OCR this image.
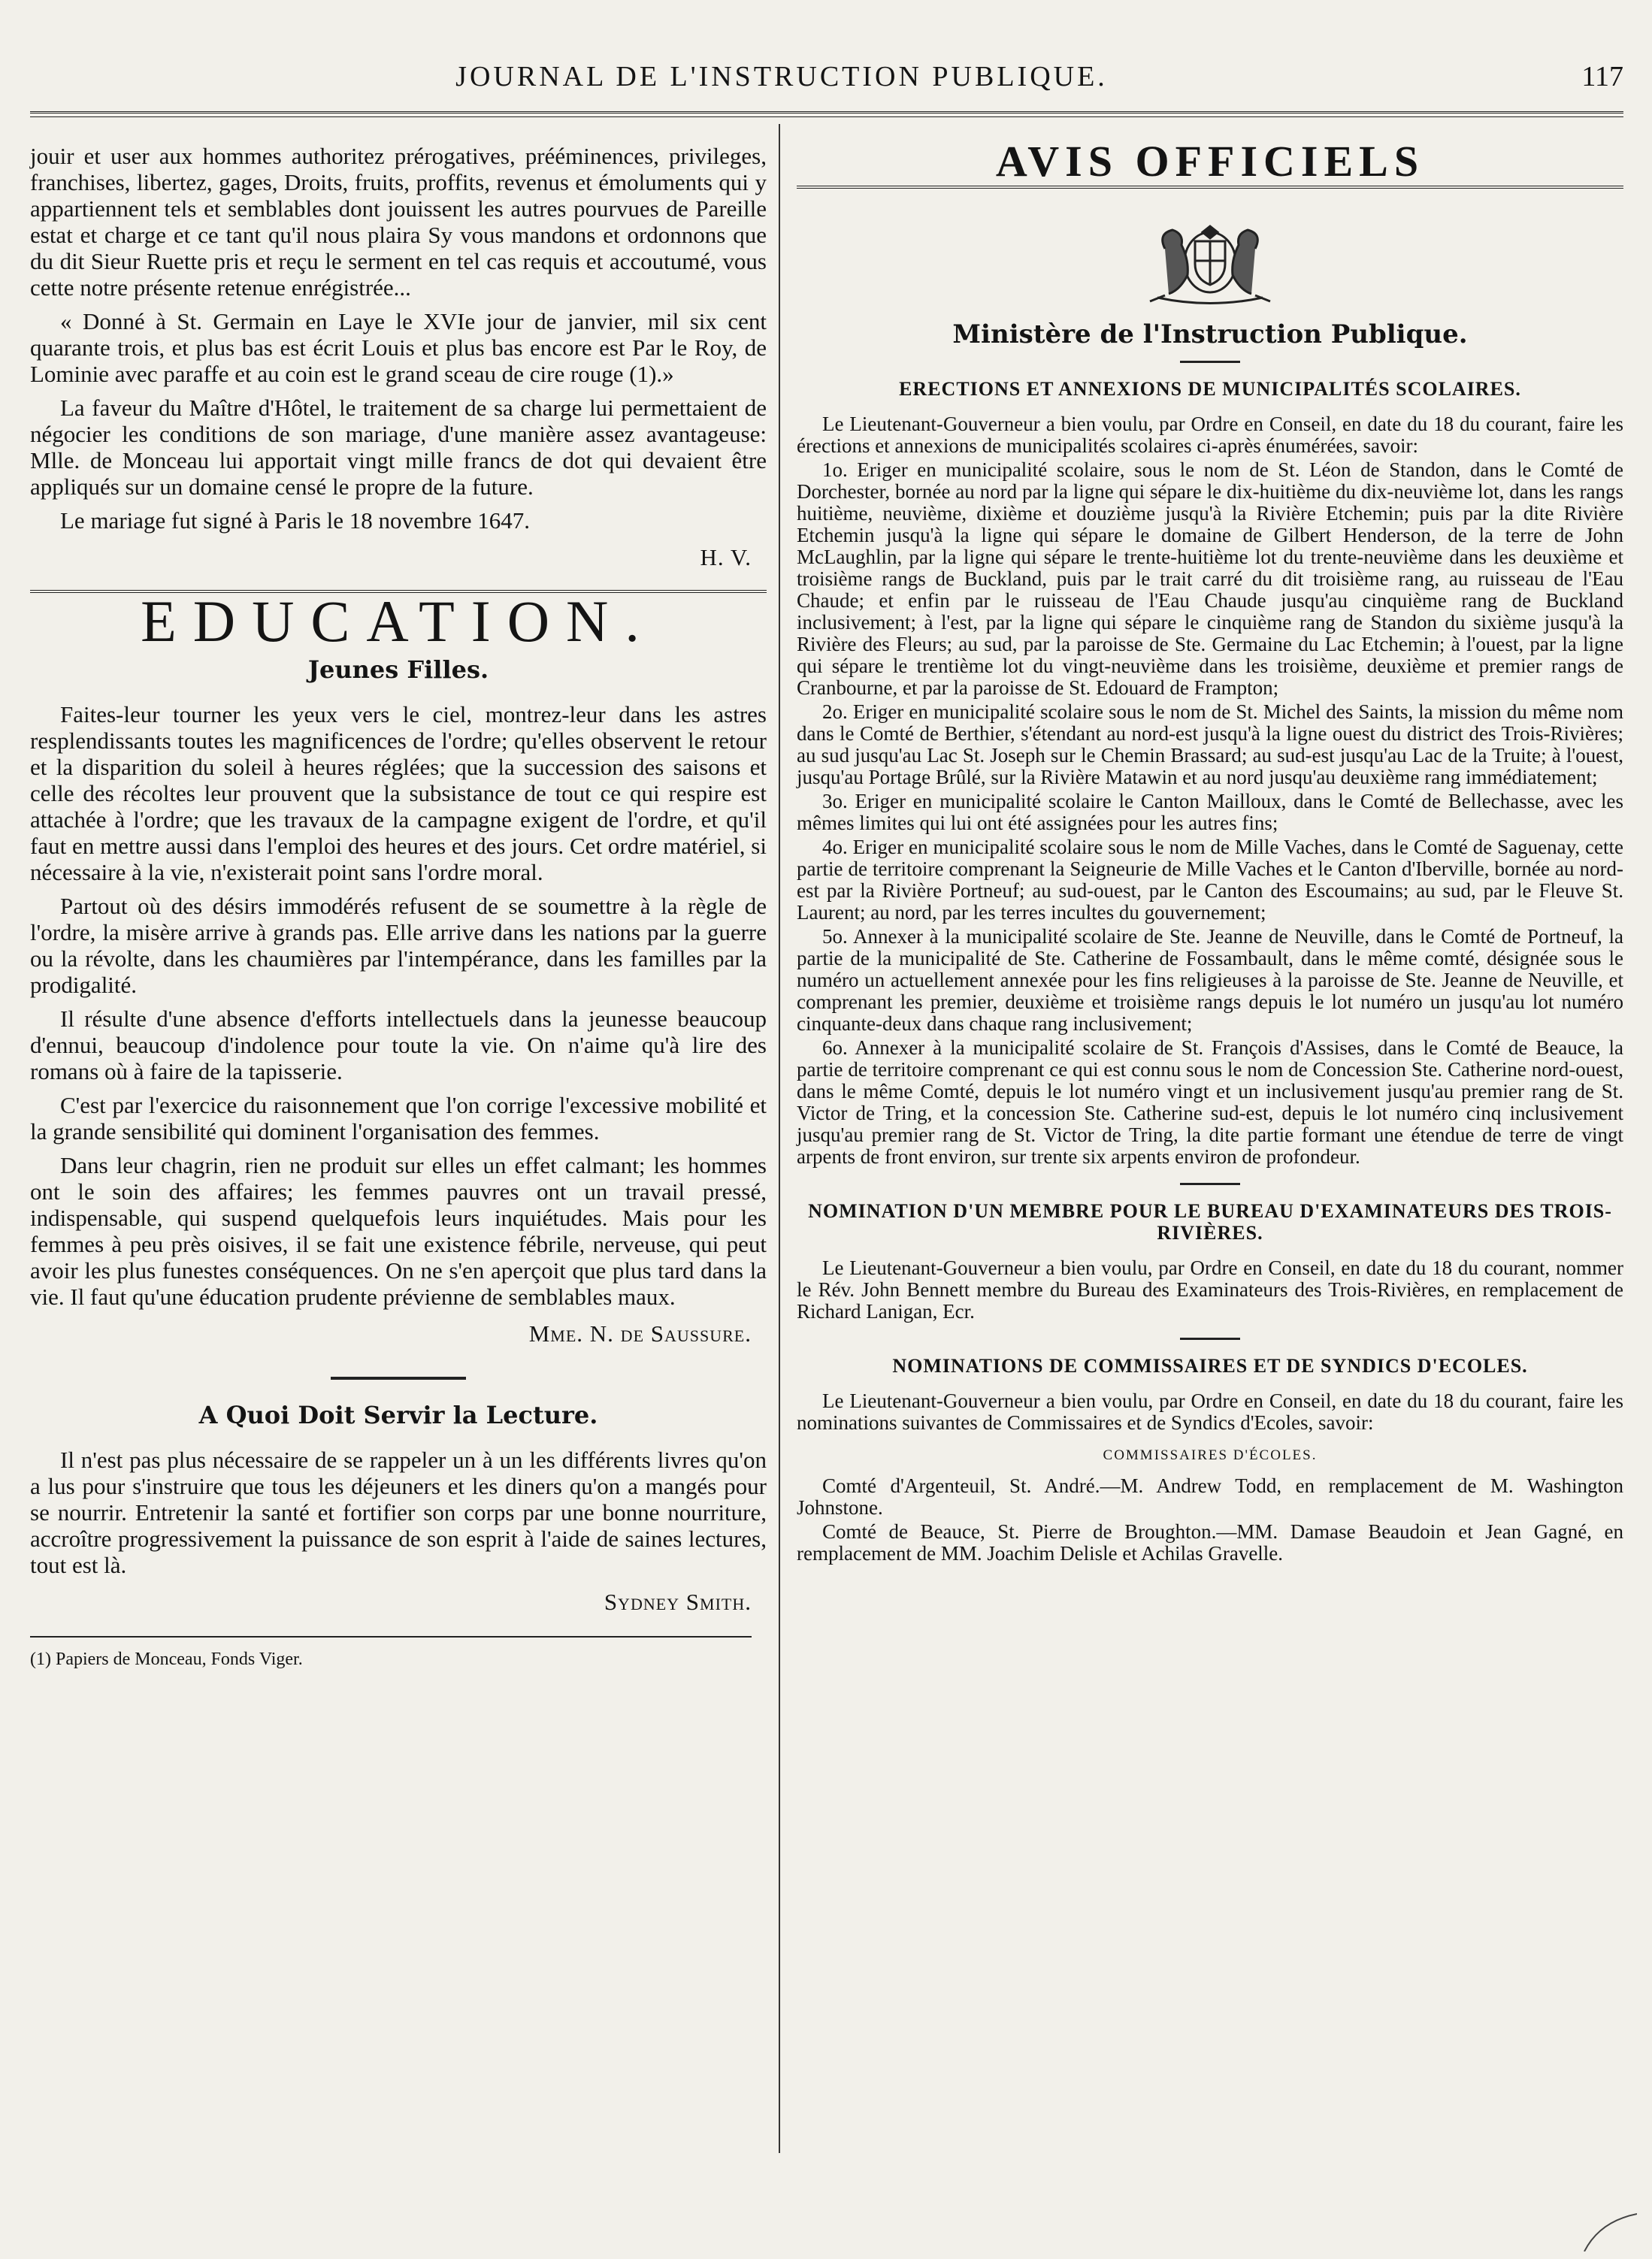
JOURNAL DE L'INSTRUCTION PUBLIQUE.	117

jouir et user aux hommes authoritez prérogatives, prééminences, privileges, franchises, libertez, gages, Droits, fruits, proffits, revenus et émoluments qui y appartiennent tels et semblables dont jouissent les autres pourvues de Pareille estat et charge et ce tant qu'il nous plaira Sy vous mandons et ordonnons que du dit Sieur Ruette pris et reçu le serment en tel cas requis et accoutumé, vous cette notre présente retenue enrégistrée...

« Donné à St. Germain en Laye le XVIe jour de janvier, mil six cent quarante trois, et plus bas est écrit Louis et plus bas encore est Par le Roy, de Lominie avec paraffe et au coin est le grand sceau de cire rouge (1).»

La faveur du Maître d'Hôtel, le traitement de sa charge lui permettaient de négocier les conditions de son mariage, d'une manière assez avantageuse: Mlle. de Monceau lui apportait vingt mille francs de dot qui devaient être appliqués sur un domaine censé le propre de la future.

Le mariage fut signé à Paris le 18 novembre 1647.

H. V.
EDUCATION.
Jeunes Filles.

Faites-leur tourner les yeux vers le ciel, montrez-leur dans les astres resplendissants toutes les magnificences de l'ordre; qu'elles observent le retour et la disparition du soleil à heures réglées; que la succession des saisons et celle des récoltes leur prouvent que la subsistance de tout ce qui respire est attachée à l'ordre; que les travaux de la campagne exigent de l'ordre, et qu'il faut en mettre aussi dans l'emploi des heures et des jours. Cet ordre matériel, si nécessaire à la vie, n'existerait point sans l'ordre moral.

Partout où des désirs immodérés refusent de se soumettre à la règle de l'ordre, la misère arrive à grands pas. Elle arrive dans les nations par la guerre ou la révolte, dans les chaumières par l'intempérance, dans les familles par la prodigalité.

Il résulte d'une absence d'efforts intellectuels dans la jeunesse beaucoup d'ennui, beaucoup d'indolence pour toute la vie. On n'aime qu'à lire des romans où à faire de la tapisserie.

C'est par l'exercice du raisonnement que l'on corrige l'excessive mobilité et la grande sensibilité qui dominent l'organisation des femmes.

Dans leur chagrin, rien ne produit sur elles un effet calmant; les hommes ont le soin des affaires; les femmes pauvres ont un travail pressé, indispensable, qui suspend quelquefois leurs inquiétudes. Mais pour les femmes à peu près oisives, il se fait une existence fébrile, nerveuse, qui peut avoir les plus funestes conséquences. On ne s'en aperçoit que plus tard dans la vie. Il faut qu'une éducation prudente prévienne de semblables maux.

Mme. N. de Saussure.
A Quoi Doit Servir la Lecture.

Il n'est pas plus nécessaire de se rappeler un à un les différents livres qu'on a lus pour s'instruire que tous les déjeuners et les diners qu'on a mangés pour se nourrir. Entretenir la santé et fortifier son corps par une bonne nourriture, accroître progressivement la puissance de son esprit à l'aide de saines lectures, tout est là.

Sydney Smith.
(1) Papiers de Monceau, Fonds Viger.
AVIS OFFICIELS
Ministère de l'Instruction Publique.
ERECTIONS ET ANNEXIONS DE MUNICIPALITÉS SCOLAIRES.

Le Lieutenant-Gouverneur a bien voulu, par Ordre en Conseil, en date du 18 du courant, faire les érections et annexions de municipalités scolaires ci-après énumérées, savoir:

1o. Eriger en municipalité scolaire, sous le nom de St. Léon de Standon, dans le Comté de Dorchester, bornée au nord par la ligne qui sépare le dix-huitième du dix-neuvième lot, dans les rangs huitième, neuvième, dixième et douzième jusqu'à la Rivière Etchemin; puis par la dite Rivière Etchemin jusqu'à la ligne qui sépare le domaine de Gilbert Henderson, de la terre de John McLaughlin, par la ligne qui sépare le trente-huitième lot du trente-neuvième dans les deuxième et troisième rangs de Buckland, puis par le trait carré du dit troisième rang, au ruisseau de l'Eau Chaude; et enfin par le ruisseau de l'Eau Chaude jusqu'au cinquième rang de Buckland inclusivement; à l'est, par la ligne qui sépare le cinquième rang de Standon du sixième jusqu'à la Rivière des Fleurs; au sud, par la paroisse de Ste. Germaine du Lac Etchemin; à l'ouest, par la ligne qui sépare le trentième lot du vingt-neuvième dans les troisième, deuxième et premier rangs de Cranbourne, et par la paroisse de St. Edouard de Frampton;

2o. Eriger en municipalité scolaire sous le nom de St. Michel des Saints, la mission du même nom dans le Comté de Berthier, s'étendant au nord-est jusqu'à la ligne ouest du district des Trois-Rivières; au sud jusqu'au Lac St. Joseph sur le Chemin Brassard; au sud-est jusqu'au Lac de la Truite; à l'ouest, jusqu'au Portage Brûlé, sur la Rivière Matawin et au nord jusqu'au deuxième rang immédiatement;

3o. Eriger en municipalité scolaire le Canton Mailloux, dans le Comté de Bellechasse, avec les mêmes limites qui lui ont été assignées pour les autres fins;

4o. Eriger en municipalité scolaire sous le nom de Mille Vaches, dans le Comté de Saguenay, cette partie de territoire comprenant la Seigneurie de Mille Vaches et le Canton d'Iberville, bornée au nord-est par la Rivière Portneuf; au sud-ouest, par le Canton des Escoumains; au sud, par le Fleuve St. Laurent; au nord, par les terres incultes du gouvernement;

5o. Annexer à la municipalité scolaire de Ste. Jeanne de Neuville, dans le Comté de Portneuf, la partie de la municipalité de Ste. Catherine de Fossambault, dans le même comté, désignée sous le numéro un actuellement annexée pour les fins religieuses à la paroisse de Ste. Jeanne de Neuville, et comprenant les premier, deuxième et troisième rangs depuis le lot numéro un jusqu'au lot numéro cinquante-deux dans chaque rang inclusivement;

6o. Annexer à la municipalité scolaire de St. François d'Assises, dans le Comté de Beauce, la partie de territoire comprenant ce qui est connu sous le nom de Concession Ste. Catherine nord-ouest, dans le même Comté, depuis le lot numéro vingt et un inclusivement jusqu'au premier rang de St. Victor de Tring, et la concession Ste. Catherine sud-est, depuis le lot numéro cinq inclusivement jusqu'au premier rang de St. Victor de Tring, la dite partie formant une étendue de terre de vingt arpents de front environ, sur trente six arpents environ de profondeur.

NOMINATION D'UN MEMBRE POUR LE BUREAU D'EXAMINATEURS DES TROIS-RIVIÈRES.

Le Lieutenant-Gouverneur a bien voulu, par Ordre en Conseil, en date du 18 du courant, nommer le Rév. John Bennett membre du Bureau des Examinateurs des Trois-Rivières, en remplacement de Richard Lanigan, Ecr.

NOMINATIONS DE COMMISSAIRES ET DE SYNDICS D'ECOLES.

Le Lieutenant-Gouverneur a bien voulu, par Ordre en Conseil, en date du 18 du courant, faire les nominations suivantes de Commissaires et de Syndics d'Ecoles, savoir:

COMMISSAIRES D'ÉCOLES.

Comté d'Argenteuil, St. André.—M. Andrew Todd, en remplacement de M. Washington Johnstone.

Comté de Beauce, St. Pierre de Broughton.—MM. Damase Beaudoin et Jean Gagné, en remplacement de MM. Joachim Delisle et Achilas Gravelle.
